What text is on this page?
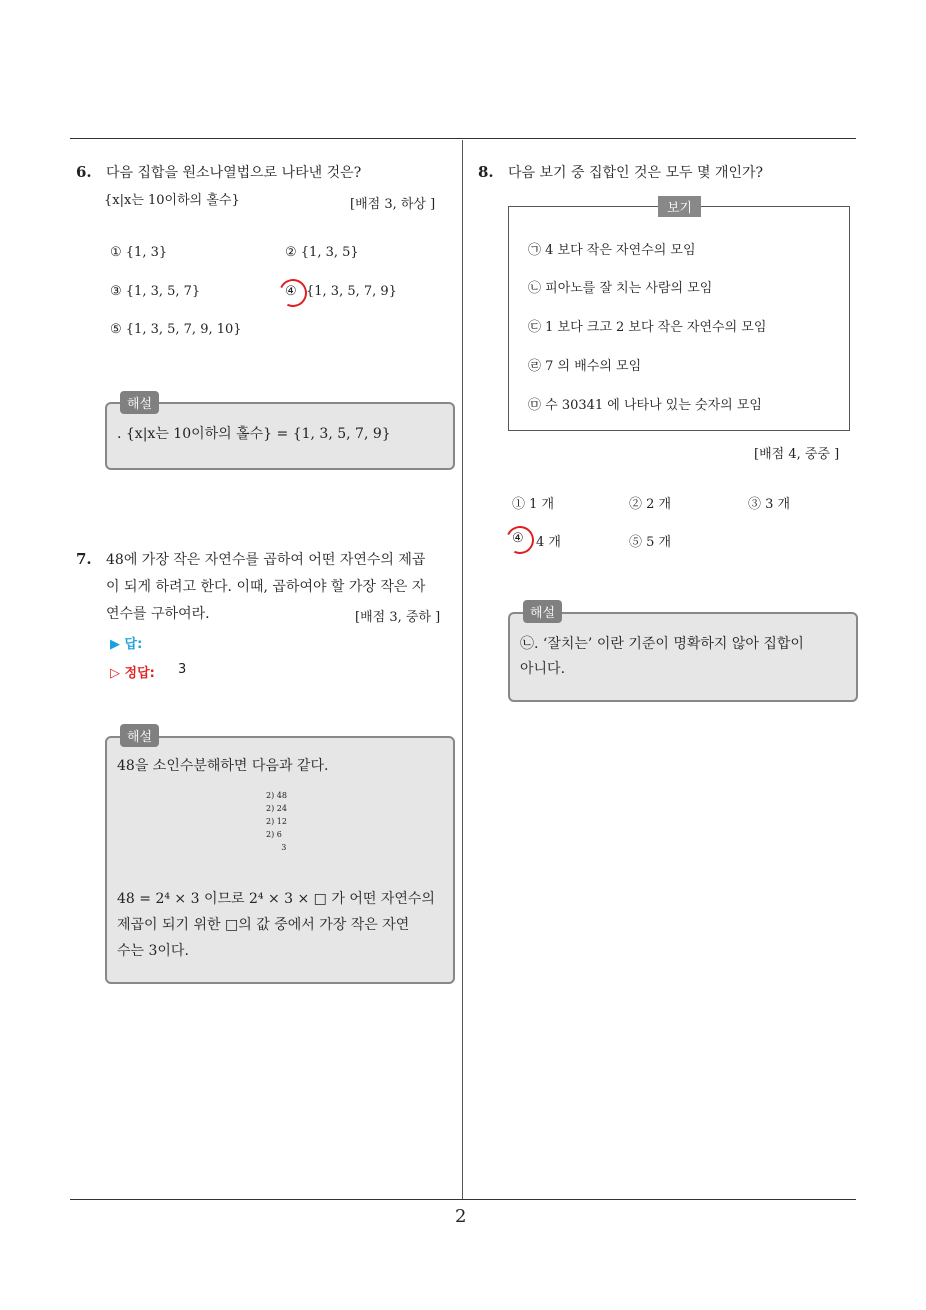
2
6. 다음 집합을 원소나열법으로 나타낸 것은?
{x|x는 10이하의 홀수}	[배점 3, 하상 ]
① {1, 3}	② {1, 3, 5}
③ {1, 3, 5, 7}	④ {1, 3, 5, 7, 9}
⑤ {1, 3, 5, 7, 9, 10}
해설
. {x|x는 10이하의 홀수} = {1, 3, 5, 7, 9}
7. 48에 가장 작은 자연수를 곱하여 어떤 자연수의 제곱
이 되게 하려고 한다. 이때, 곱하여야 할 가장 작은 자
연수를 구하여라.	[배점 3, 중하 ]
▶ 답:
▷ 정답: 3
해설
48을 소인수분해하면 다음과 같다.
2) 48
2) 24
2) 12
2) 6
3
48 = 2⁴ × 3 이므로 2⁴ × 3 × □ 가 어떤 자연수의
제곱이 되기 위한 □의 값 중에서 가장 작은 자연
수는 3이다.
8. 다음 보기 중 집합인 것은 모두 몇 개인가?
보기
㉠ 4 보다 작은 자연수의 모임
㉡ 피아노를 잘 치는 사람의 모임
㉢ 1 보다 크고 2 보다 작은 자연수의 모임
㉣ 7 의 배수의 모임
㉤ 수 30341 에 나타나 있는 숫자의 모임
[배점 4, 중중 ]
① 1 개	② 2 개	③ 3 개
④ 4 개	⑤ 5 개
해설
㉡. ‘잘치는’ 이란 기준이 명확하지 않아 집합이
아니다.
